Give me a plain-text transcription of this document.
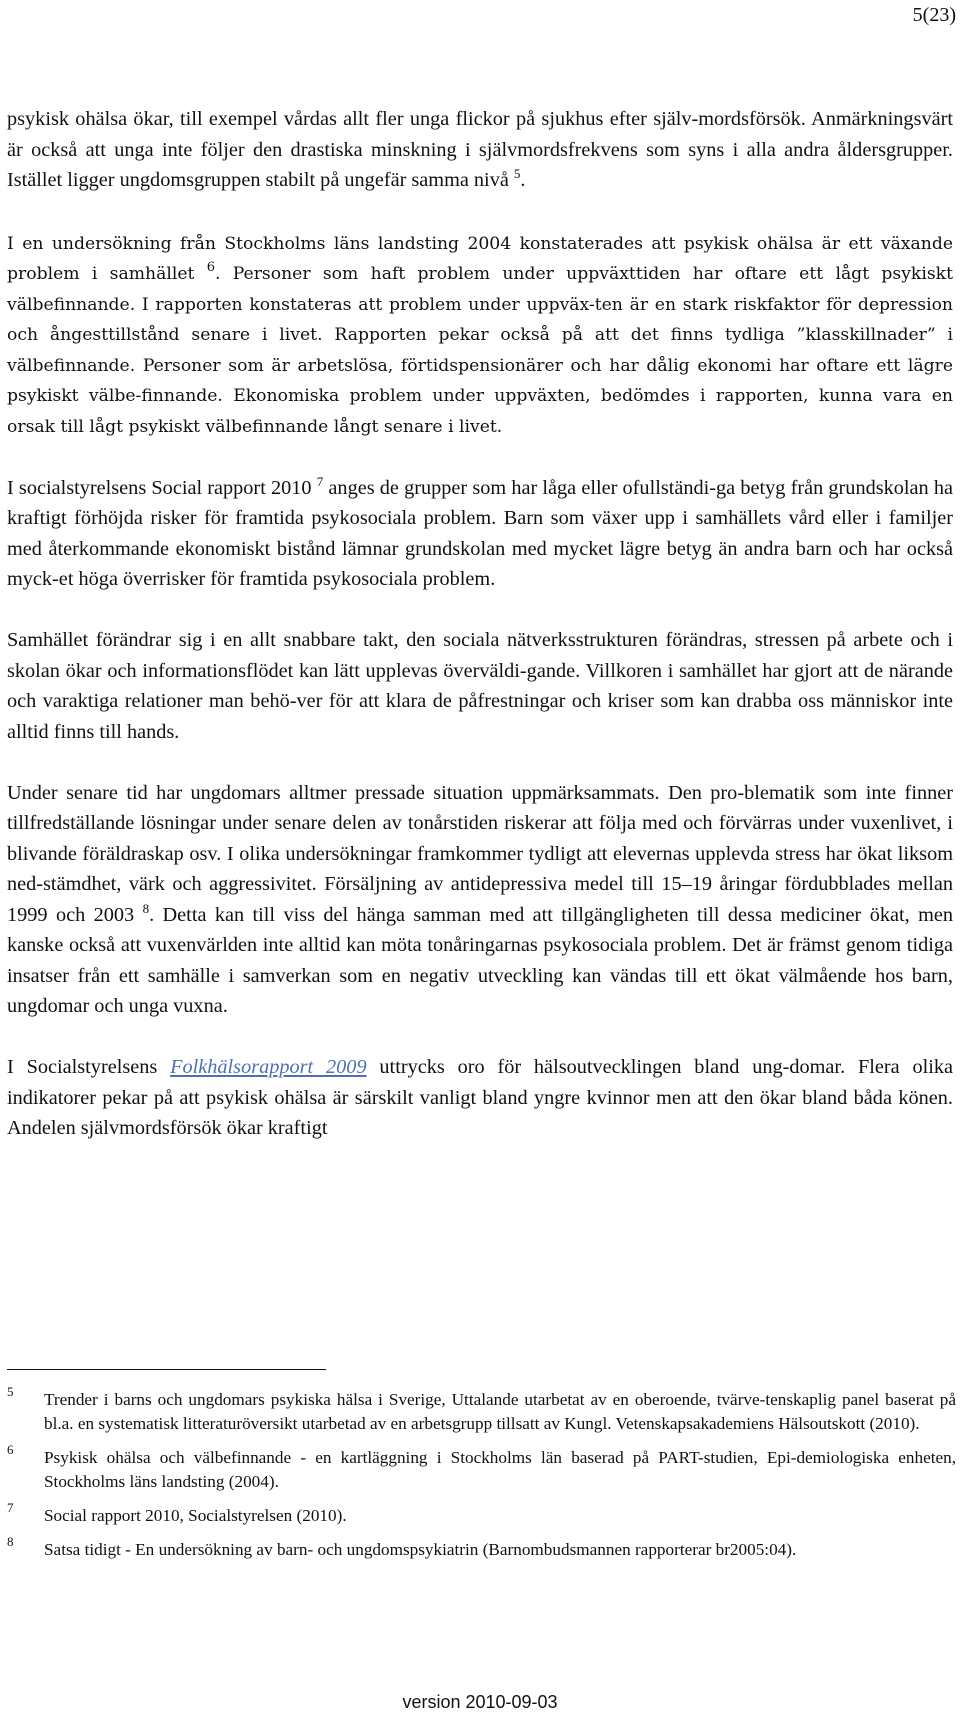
5(23)

psykisk ohälsa ökar, till exempel vårdas allt fler unga flickor på sjukhus efter själv-mordsförsök. Anmärkningsvärt är också att unga inte följer den drastiska minskning i självmordsfrekvens som syns i alla andra åldersgrupper. Istället ligger ungdomsgruppen stabilt på ungefär samma nivå $^5$.

I en undersökning från Stockholms läns landsting 2004 konstaterades att psykisk ohälsa är ett växande problem i samhället $^6$. Personer som haft problem under uppväxttiden har oftare ett lågt psykiskt välbefinnande. I rapporten konstateras att problem under uppväx-ten är en stark riskfaktor för depression och ångesttillstånd senare i livet. Rapporten pekar också på att det finns tydliga ”klasskillnader” i välbefinnande. Personer som är arbetslösa, förtidspensionärer och har dålig ekonomi har oftare ett lägre psykiskt välbe-finnande. Ekonomiska problem under uppväxten, bedömdes i rapporten, kunna vara en orsak till lågt psykiskt välbefinnande långt senare i livet.

I socialstyrelsens Social rapport 2010 $^7$ anges de grupper som har låga eller ofullständi-ga betyg från grundskolan ha kraftigt förhöjda risker för framtida psykosociala problem. Barn som växer upp i samhällets vård eller i familjer med återkommande ekonomiskt bistånd lämnar grundskolan med mycket lägre betyg än andra barn och har också myck-et höga överrisker för framtida psykosociala problem.

Samhället förändrar sig i en allt snabbare takt, den sociala nätverksstrukturen förändras, stressen på arbete och i skolan ökar och informationsflödet kan lätt upplevas överväldi-gande. Villkoren i samhället har gjort att de närande och varaktiga relationer man behö-ver för att klara de påfrestningar och kriser som kan drabba oss människor inte alltid finns till hands.

Under senare tid har ungdomars alltmer pressade situation uppmärksammats. Den pro-blematik som inte finner tillfredställande lösningar under senare delen av tonårstiden riskerar att följa med och förvärras under vuxenlivet, i blivande föräldraskap osv. I olika undersökningar framkommer tydligt att elevernas upplevda stress har ökat liksom ned-stämdhet, värk och aggressivitet. Försäljning av antidepressiva medel till 15–19 åringar fördubblades mellan 1999 och 2003 $^8$. Detta kan till viss del hänga samman med att tillgängligheten till dessa mediciner ökat, men kanske också att vuxenvärlden inte alltid kan möta tonåringarnas psykosociala problem. Det är främst genom tidiga insatser från ett samhälle i samverkan som en negativ utveckling kan vändas till ett ökat välmående hos barn, ungdomar och unga vuxna.

I Socialstyrelsens Folkhälsorapport 2009 uttrycks oro för hälsoutvecklingen bland ung-domar. Flera olika indikatorer pekar på att psykisk ohälsa är särskilt vanligt bland yngre kvinnor men att den ökar bland båda könen. Andelen självmordsförsök ökar kraftigt

5 Trender i barns och ungdomars psykiska hälsa i Sverige, Uttalande utarbetat av en oberoende, tvärve-tenskaplig panel baserat på bl.a. en systematisk litteraturöversikt utarbetad av en arbetsgrupp tillsatt av Kungl. Vetenskapsakademiens Hälsoutskott (2010).
6 Psykisk ohälsa och välbefinnande - en kartläggning i Stockholms län baserad på PART-studien, Epi-demiologiska enheten, Stockholms läns landsting (2004).
7 Social rapport 2010, Socialstyrelsen (2010).
8 Satsa tidigt - En undersökning av barn- och ungdomspsykiatrin (Barnombudsmannen rapporterar br2005:04).
version 2010-09-03
